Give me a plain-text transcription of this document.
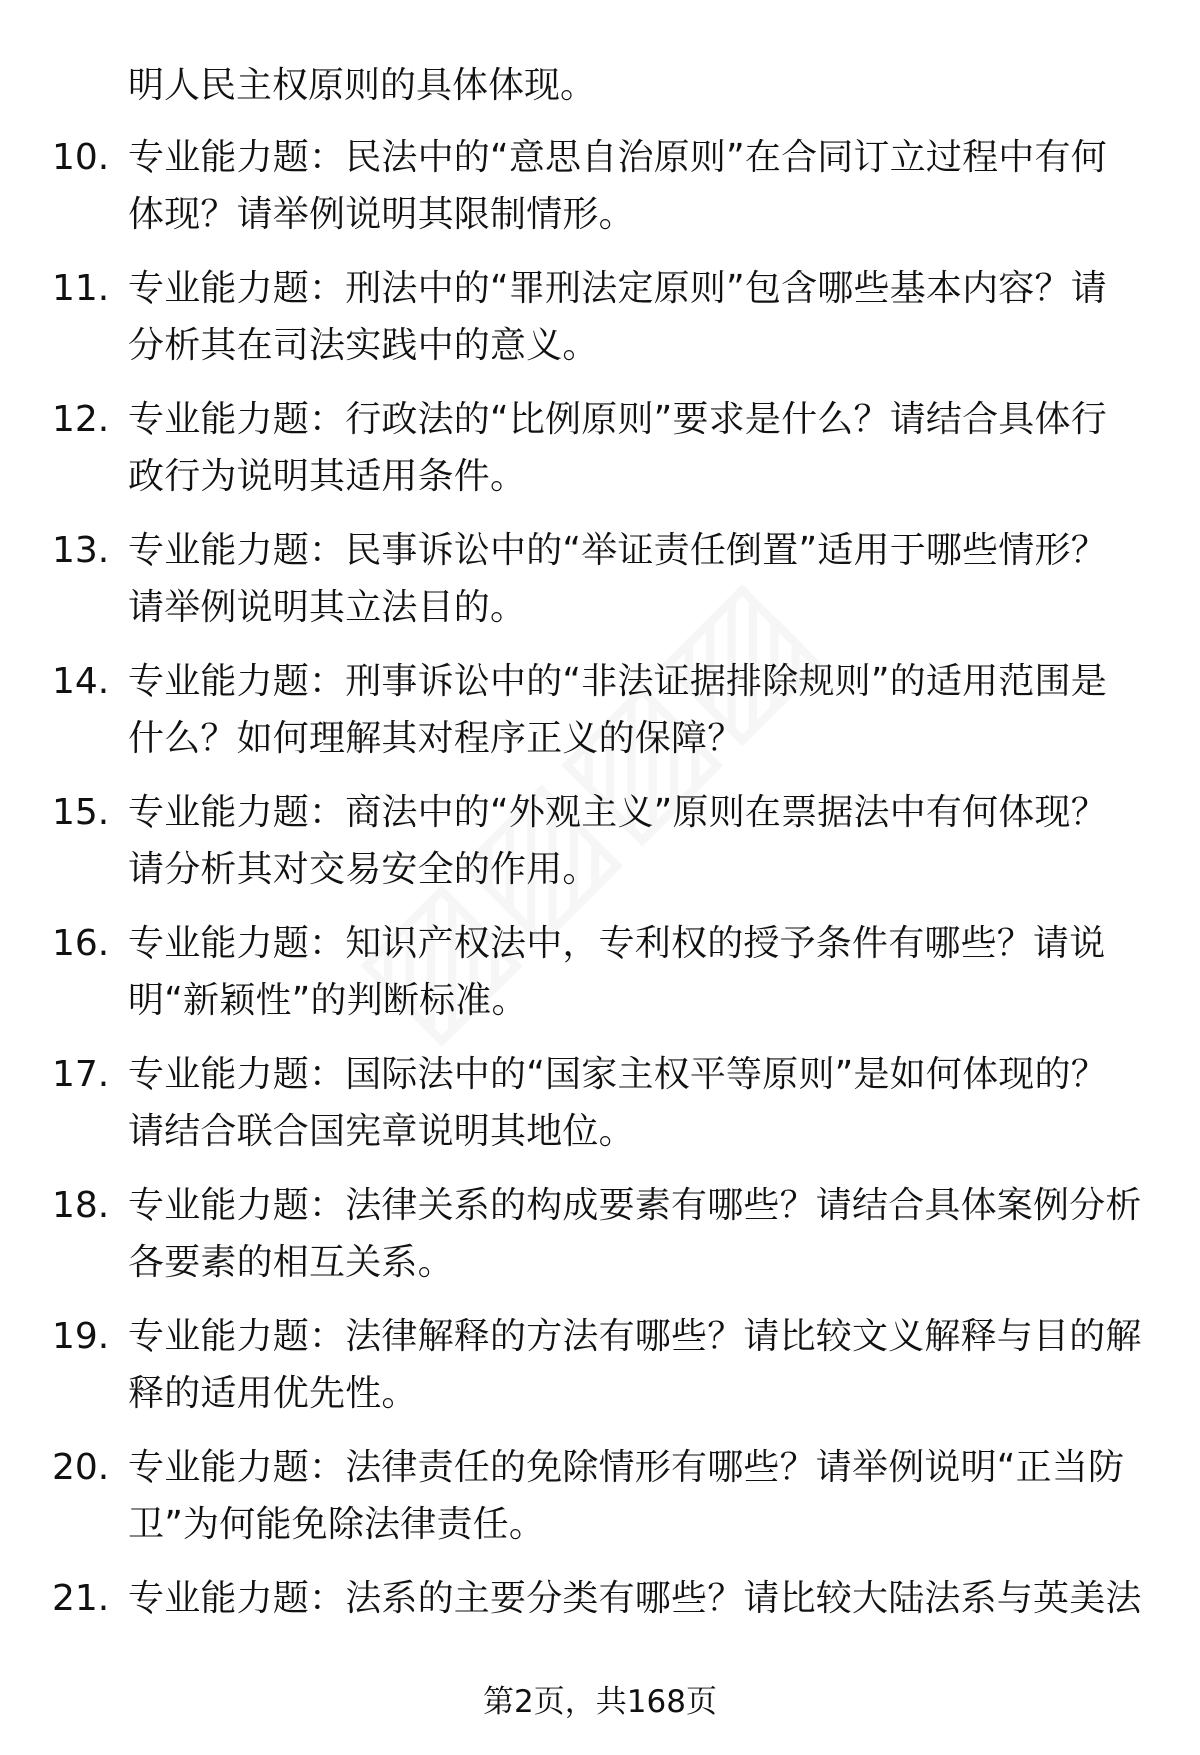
明人民主权原则的具体体现。
10. 专业能力题：民法中的“意思自治原则”在合同订立过程中有何
体现？请举例说明其限制情形。
11. 专业能力题：刑法中的“罪刑法定原则”包含哪些基本内容？请
分析其在司法实践中的意义。
12. 专业能力题：行政法的“比例原则”要求是什么？请结合具体行
政行为说明其适用条件。
13. 专业能力题：民事诉讼中的“举证责任倒置”适用于哪些情形？
请举例说明其立法目的。
14. 专业能力题：刑事诉讼中的“非法证据排除规则”的适用范围是
什么？如何理解其对程序正义的保障？
15. 专业能力题：商法中的“外观主义”原则在票据法中有何体现？
请分析其对交易安全的作用。
16. 专业能力题：知识产权法中，专利权的授予条件有哪些？请说
明“新颖性”的判断标准。
17. 专业能力题：国际法中的“国家主权平等原则”是如何体现的？
请结合联合国宪章说明其地位。
18. 专业能力题：法律关系的构成要素有哪些？请结合具体案例分析
各要素的相互关系。
19. 专业能力题：法律解释的方法有哪些？请比较文义解释与目的解
释的适用优先性。
20. 专业能力题：法律责任的免除情形有哪些？请举例说明“正当防
卫”为何能免除法律责任。
21. 专业能力题：法系的主要分类有哪些？请比较大陆法系与英美法
第2页，共168页
